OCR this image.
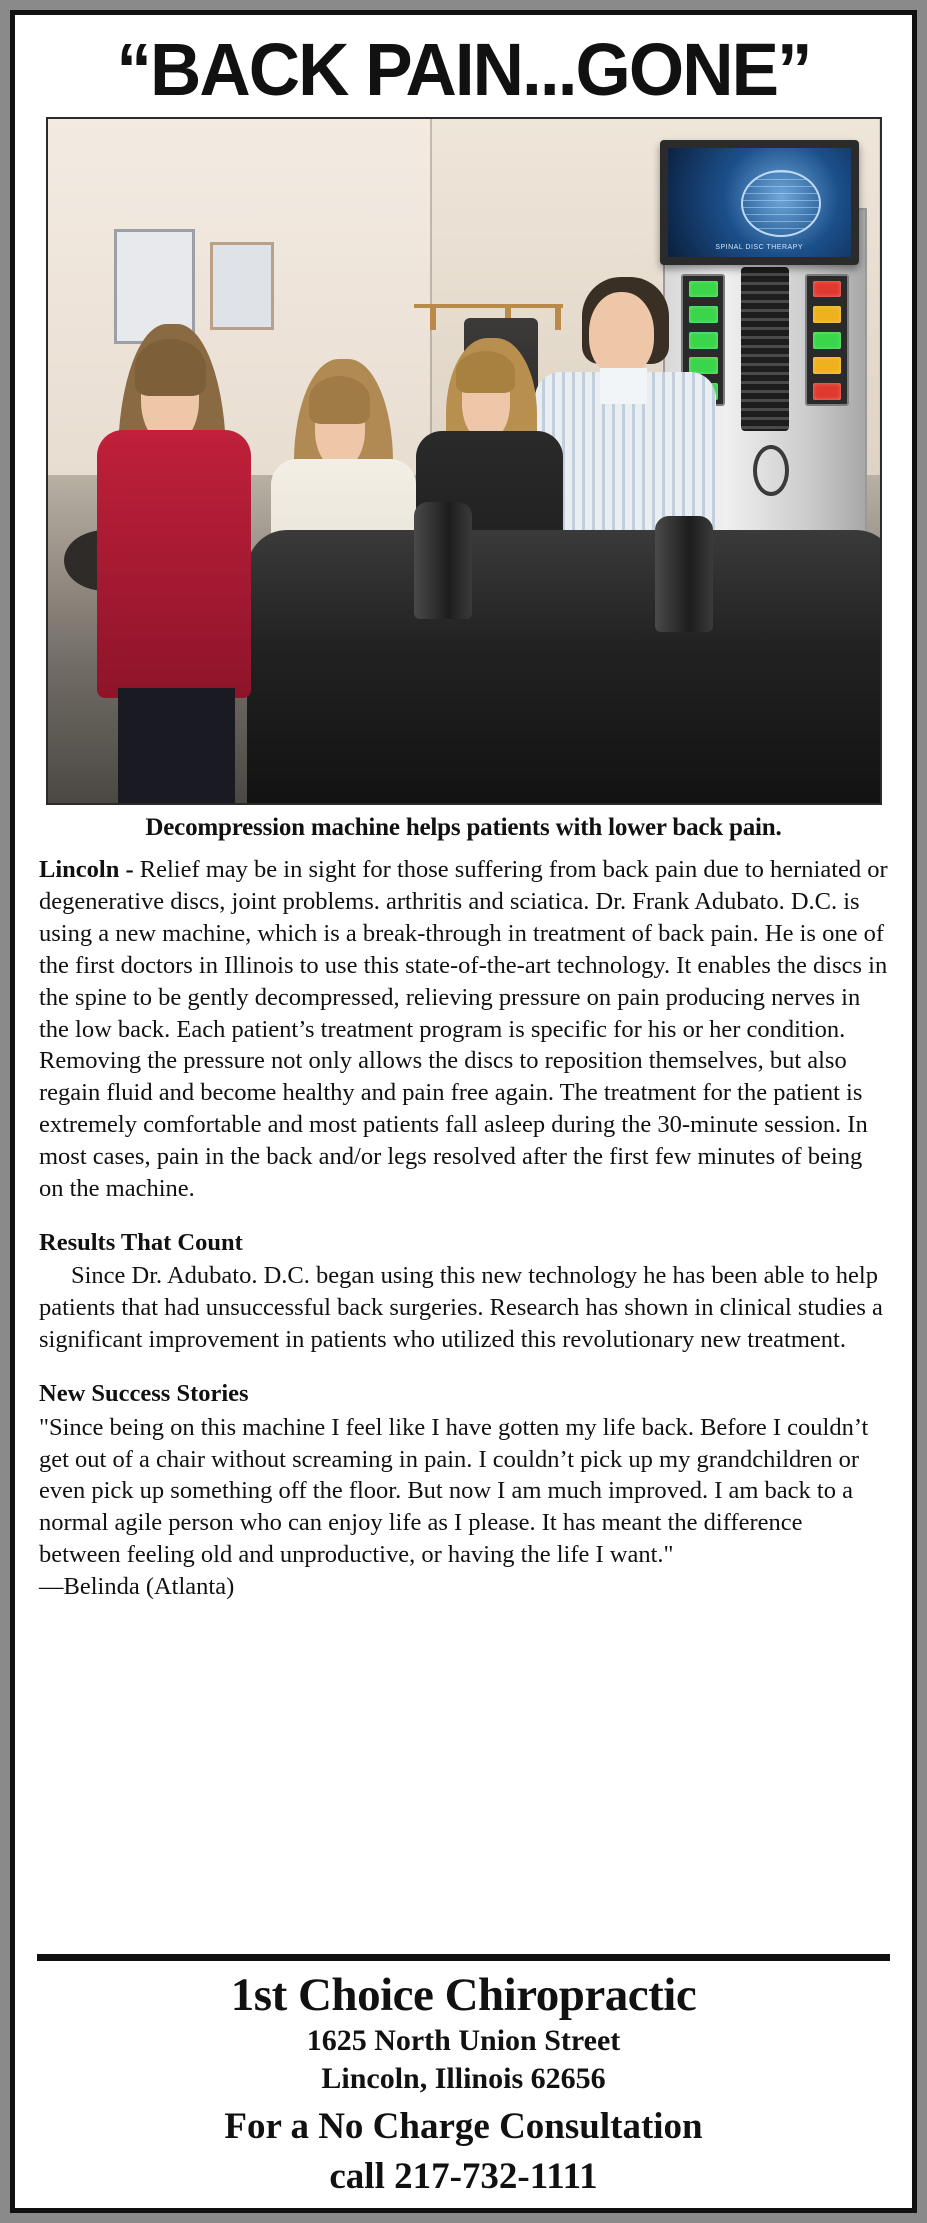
“BACK PAIN...GONE”
SPINAL DISC THERAPY
Decompression machine helps patients with lower back pain.

Lincoln - Relief may be in sight for those suffering from back pain due to herniated or degenerative discs, joint problems. arthritis and sciatica. Dr. Frank Adubato. D.C. is using a new machine, which is a break-through in treatment of back pain. He is one of the first doctors in Illinois to use this state-of-the-art technology. It enables the discs in the spine to be gently decompressed, relieving pressure on pain producing nerves in the low back. Each patient’s treatment program is specific for his or her condition. Removing the pressure not only allows the discs to reposition themselves, but also regain fluid and become healthy and pain free again. The treatment for the patient is extremely comfortable and most patients fall asleep during the 30-minute session. In most cases, pain in the back and/or legs resolved after the first few minutes of being on the machine.

Results That Count

Since Dr. Adubato. D.C. began using this new technology he has been able to help patients that had unsuccessful back surgeries. Research has shown in clinical studies a significant improvement in patients who utilized this revolutionary new treatment.

New Success Stories

"Since being on this machine I feel like I have gotten my life back. Before I couldn’t get out of a chair without screaming in pain. I couldn’t pick up my grandchildren or even pick up something off the floor. But now I am much improved. I am back to a normal agile person who can enjoy life as I please. It has meant the difference between feeling old and unproductive, or having the life I want."

—Belinda (Atlanta)

1st Choice Chiropractic
1625 North Union Street
Lincoln, Illinois 62656
For a No Charge Consultation
call 217-732-1111
